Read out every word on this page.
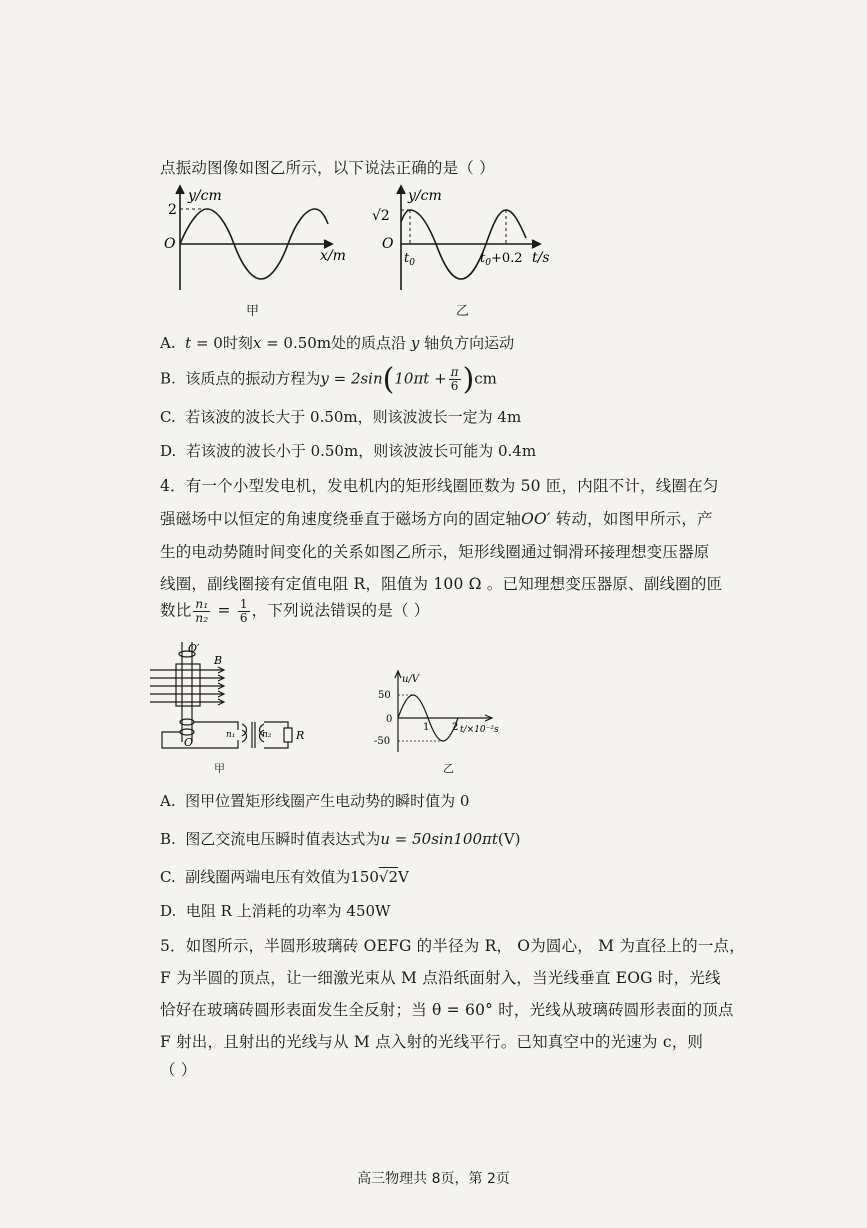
点振动图像如图乙所示，以下说法正确的是（ ）
y/cm
2
O
x/m
甲
y/cm
√2
O
$t_0$	$t_0+0.2$ t/s
乙
A. t = 0时刻x = 0.50m处的质点沿 y 轴负方向运动
B. 该质点的振动方程为$y = 2\sin(10\pi t + \frac{\pi}{6} )cm$
C. 若该波的波长大于 0.50m，则该波波长一定为 4m
D. 若该波的波长小于 0.50m，则该波波长可能为 0.4m
4．有一个小型发电机，发电机内的矩形线圈匝数为 50 匝，内阻不计，线圈在匀
强磁场中以恒定的角速度绕垂直于磁场方向的固定轴OO′ 转动，如图甲所示，产
生的电动势随时间变化的关系如图乙所示，矩形线圈通过铜滑环接理想变压器原
线圈，副线圈接有定值电阻 R，阻值为 100 Ω 。已知理想变压器原、副线圈的匝
数比 $\frac{\text{n₁}}{\text{n₂}} = \frac{1}{6}$ ，下列说法错误的是（ ）
O′
B
O
n₁	n₂ R
甲
u/V
50
0
-50
1 2 t/×10⁻²s
乙
A. 图甲位置矩形线圈产生电动势的瞬时值为 0
B. 图乙交流电压瞬时值表达式为u = 50sin100πt(V)
C. 副线圈两端电压有效值为150√2V
D. 电阻 R 上消耗的功率为 450W
5．如图所示，半圆形玻璃砖 OEFG 的半径为 R， O为圆心， M 为直径上的一点，
F 为半圆的顶点，让一细激光束从 M 点沿纸面射入，当光线垂直 EOG 时，光线
恰好在玻璃砖圆形表面发生全反射；当 θ = 60° 时，光线从玻璃砖圆形表面的顶点
F 射出，且射出的光线与从 M 点入射的光线平行。已知真空中的光速为 c，则
（ ）
高三物理共 8页，第 2页
